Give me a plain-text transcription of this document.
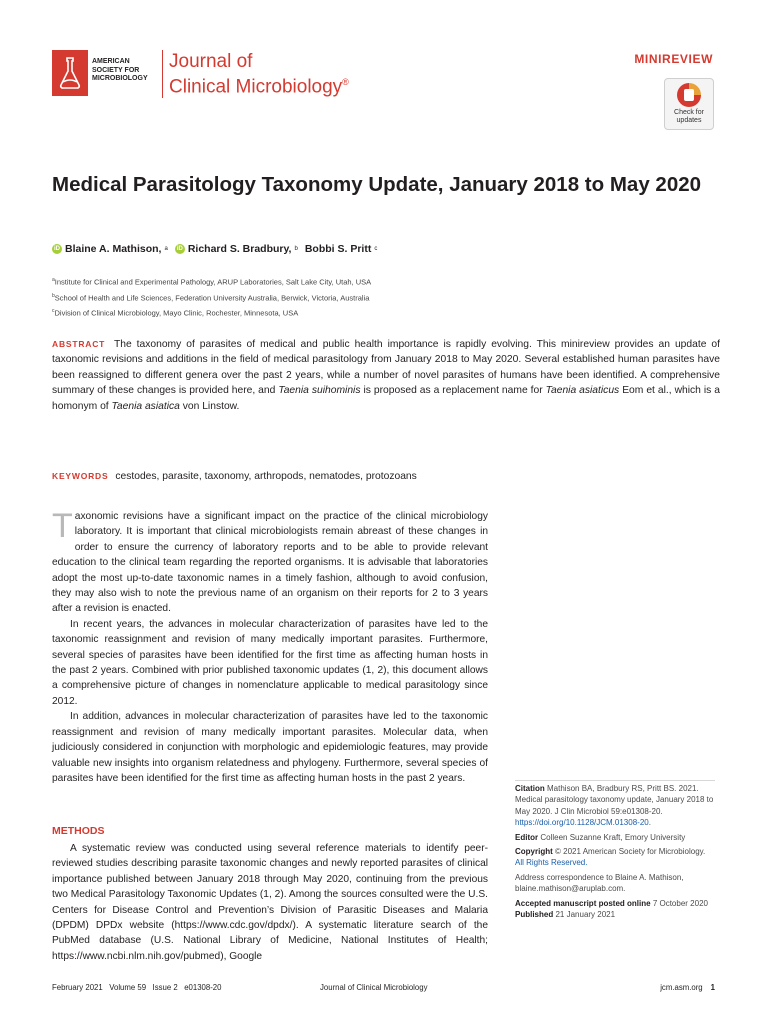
AMERICAN SOCIETY FOR MICROBIOLOGY
Journal of
Clinical Microbiology®
MINIREVIEW
Check for updates
Medical Parasitology Taxonomy Update, January 2018 to May 2020
iD Blaine A. Mathison, a	iD Richard S. Bradbury, b Bobbi S. Pritt c
$^a$Institute for Clinical and Experimental Pathology, ARUP Laboratories, Salt Lake City, Utah, USA
$^b$School of Health and Life Sciences, Federation University Australia, Berwick, Victoria, Australia
$^c$Division of Clinical Microbiology, Mayo Clinic, Rochester, Minnesota, USA
ABSTRACT The taxonomy of parasites of medical and public health importance is rapidly evolving. This minireview provides an update of taxonomic revisions and additions in the field of medical parasitology from January 2018 to May 2020. Several established human parasites have been reassigned to different genera over the past 2 years, while a number of novel parasites of humans have been identified. A comprehensive summary of these changes is provided here, and Taenia suihominis is proposed as a replacement name for Taenia asiaticus Eom et al., which is a homonym of Taenia asiatica von Linstow.
KEYWORDS cestodes, parasite, taxonomy, arthropods, nematodes, protozoans

Taxonomic revisions have a significant impact on the practice of the clinical microbiology laboratory. It is important that clinical microbiologists remain abreast of these changes in order to ensure the currency of laboratory reports and to be able to provide relevant education to the clinical team regarding the reported organisms. It is advisable that laboratories adopt the most up-to-date taxonomic names in a timely fashion, although to avoid confusion, they may also wish to note the previous name of an organism on their reports for 2 to 3 years after a revision is enacted.

In recent years, the advances in molecular characterization of parasites have led to the taxonomic reassignment and revision of many medically important parasites. Furthermore, several species of parasites have been identified for the first time as affecting human hosts in the past 2 years. Combined with prior published taxonomic updates (1, 2), this document allows a comprehensive picture of changes in nomenclature applicable to medical parasitology since 2012.

In addition, advances in molecular characterization of parasites have led to the taxonomic reassignment and revision of many medically important parasites. Molecular data, when judiciously considered in conjunction with morphologic and epidemiologic features, may provide valuable new insights into organism relatedness and phylogeny. Furthermore, several species of parasites have been identified for the first time as affecting human hosts in the past 2 years.

METHODS
A systematic review was conducted using several reference materials to identify peer-reviewed studies describing parasite taxonomic changes and newly reported parasites of clinical importance published between January 2018 through May 2020, continuing from the previous two Medical Parasitology Taxonomic Updates (1, 2). Among the sources consulted were the U.S. Centers for Disease Control and Prevention’s Division of Parasitic Diseases and Malaria (DPDM) DPDx website (https://www.cdc.gov/dpdx/). A systematic literature search of the PubMed database (U.S. National Library of Medicine, National Institutes of Health; https://www.ncbi.nlm.nih.gov/pubmed), Google
Citation Mathison BA, Bradbury RS, Pritt BS. 2021. Medical parasitology taxonomy update, January 2018 to May 2020. J Clin Microbiol 59:e01308-20. https://doi.org/10.1128/JCM.01308-20.
Editor Colleen Suzanne Kraft, Emory University
Copyright © 2021 American Society for Microbiology. All Rights Reserved.
Address correspondence to Blaine A. Mathison, blaine.mathison@aruplab.com.
Accepted manuscript posted online 7 October 2020
Published 21 January 2021
February 2021   Volume 59   Issue 2   e01308-20	Journal of Clinical Microbiology	jcm.asm.org 1
